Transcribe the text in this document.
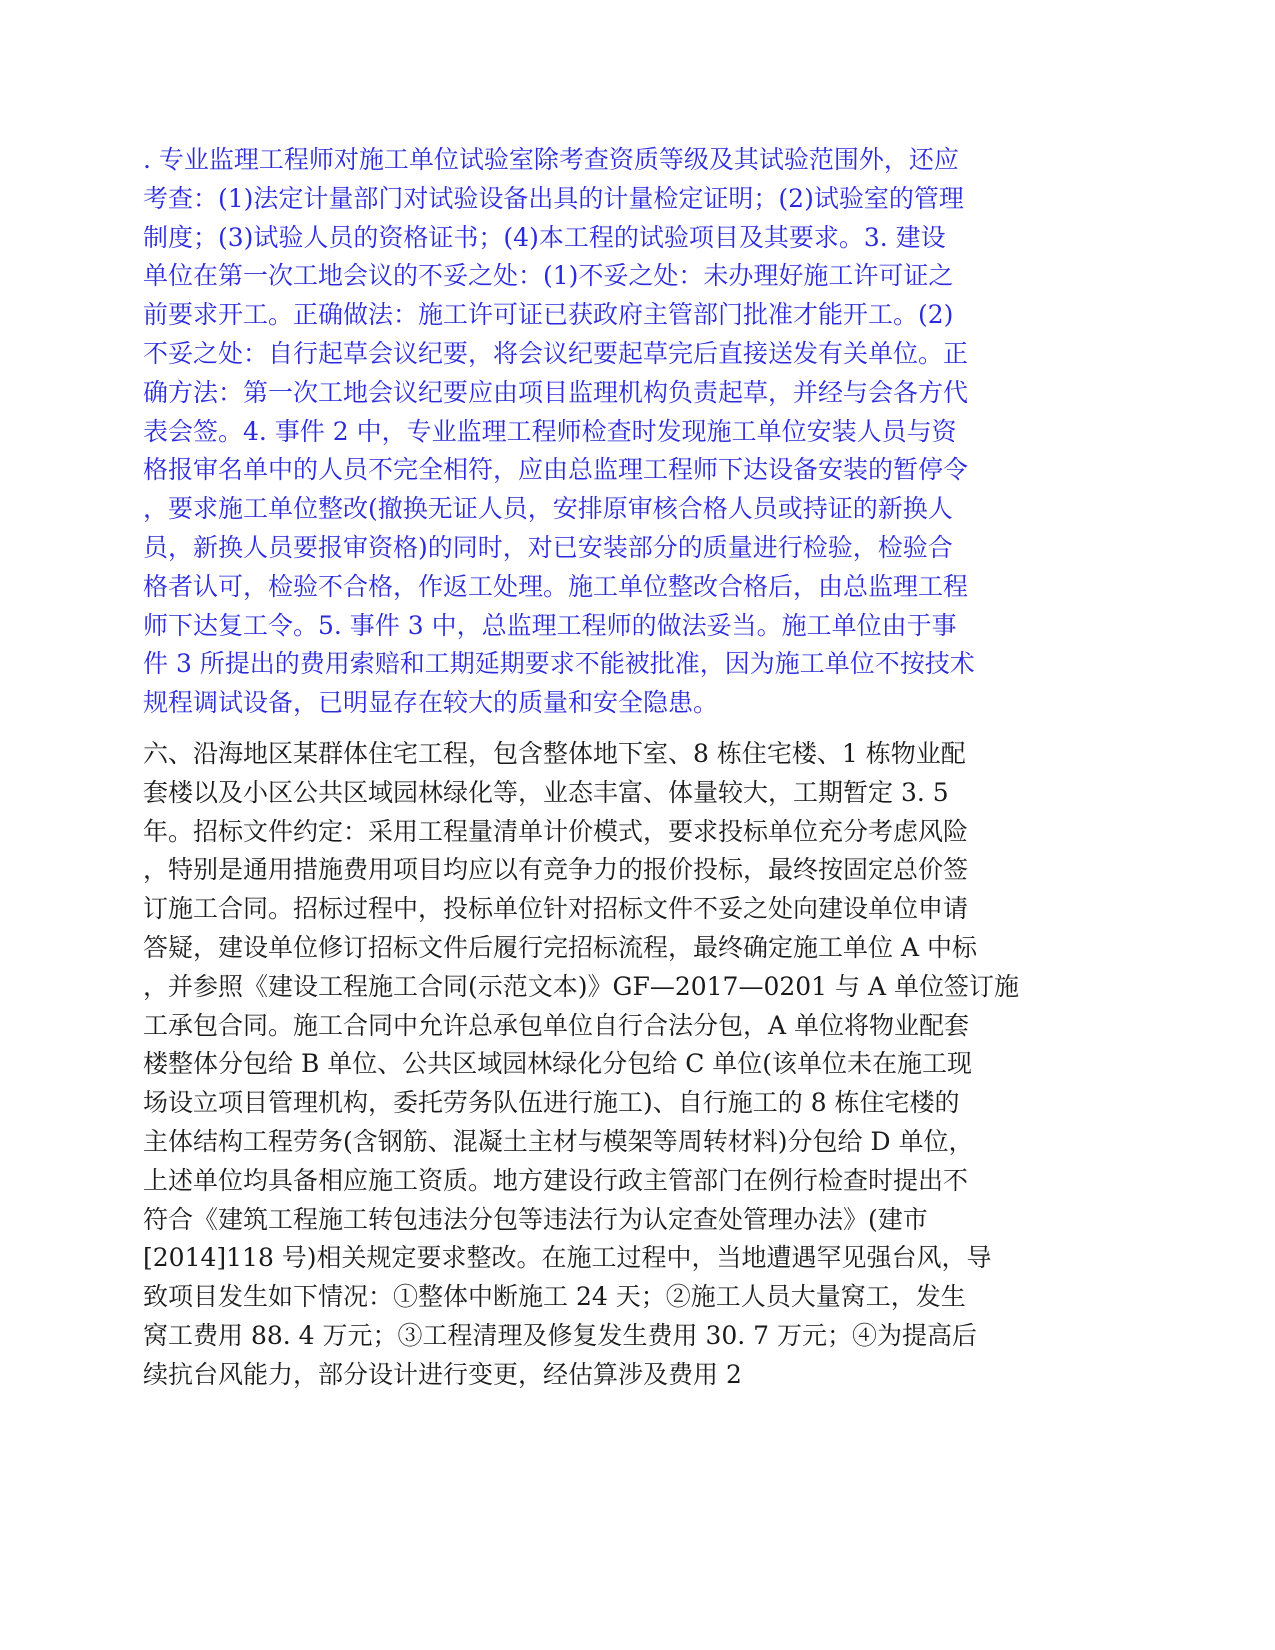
. 专业监理工程师对施工单位试验室除考查资质等级及其试验范围外，还应
考查：(1)法定计量部门对试验设备出具的计量检定证明；(2)试验室的管理
制度；(3)试验人员的资格证书；(4)本工程的试验项目及其要求。3. 建设
单位在第一次工地会议的不妥之处：(1)不妥之处：未办理好施工许可证之
前要求开工。正确做法：施工许可证已获政府主管部门批准才能开工。(2)
不妥之处：自行起草会议纪要，将会议纪要起草完后直接送发有关单位。正
确方法：第一次工地会议纪要应由项目监理机构负责起草，并经与会各方代
表会签。4. 事件 2 中，专业监理工程师检查时发现施工单位安装人员与资
格报审名单中的人员不完全相符，应由总监理工程师下达设备安装的暂停令
，要求施工单位整改(撤换无证人员，安排原审核合格人员或持证的新换人
员，新换人员要报审资格)的同时，对已安装部分的质量进行检验，检验合
格者认可，检验不合格，作返工处理。施工单位整改合格后，由总监理工程
师下达复工令。5. 事件 3 中，总监理工程师的做法妥当。施工单位由于事
件 3 所提出的费用索赔和工期延期要求不能被批准，因为施工单位不按技术
规程调试设备，已明显存在较大的质量和安全隐患。
六、沿海地区某群体住宅工程，包含整体地下室、8 栋住宅楼、1 栋物业配
套楼以及小区公共区域园林绿化等，业态丰富、体量较大，工期暂定 3. 5
年。招标文件约定：采用工程量清单计价模式，要求投标单位充分考虑风险
，特别是通用措施费用项目均应以有竞争力的报价投标，最终按固定总价签
订施工合同。招标过程中，投标单位针对招标文件不妥之处向建设单位申请
答疑，建设单位修订招标文件后履行完招标流程，最终确定施工单位 A 中标
，并参照《建设工程施工合同(示范文本)》GF—2017—0201 与 A 单位签订施
工承包合同。施工合同中允许总承包单位自行合法分包，A 单位将物业配套
楼整体分包给 B 单位、公共区域园林绿化分包给 C 单位(该单位未在施工现
场设立项目管理机构，委托劳务队伍进行施工)、自行施工的 8 栋住宅楼的
主体结构工程劳务(含钢筋、混凝土主材与模架等周转材料)分包给 D 单位，
上述单位均具备相应施工资质。地方建设行政主管部门在例行检查时提出不
符合《建筑工程施工转包违法分包等违法行为认定查处管理办法》(建市
[2014]118 号)相关规定要求整改。在施工过程中，当地遭遇罕见强台风，导
致项目发生如下情况：①整体中断施工 24 天；②施工人员大量窝工，发生
窝工费用 88. 4 万元；③工程清理及修复发生费用 30. 7 万元；④为提高后
续抗台风能力，部分设计进行变更，经估算涉及费用 2
